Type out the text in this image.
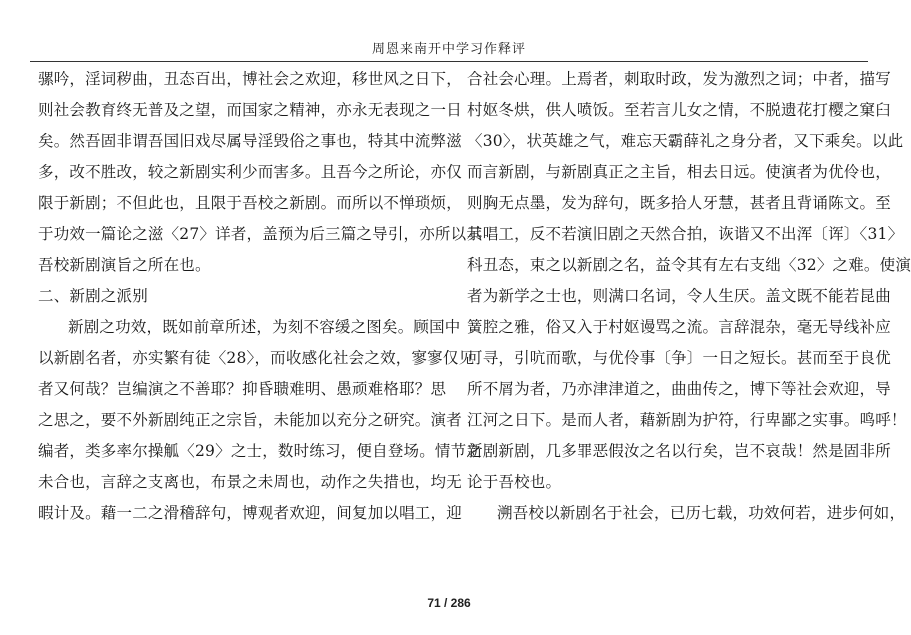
周恩来南开中学习作释评
骡吟，淫词秽曲，丑态百出，博社会之欢迎，移世风之日下，
则社会教育终无普及之望，而国家之精神，亦永无表现之一日
矣。然吾固非谓吾国旧戏尽属导淫毁俗之事也，特其中流弊滋
多，改不胜改，较之新剧实利少而害多。且吾今之所论，亦仅
限于新剧；不但此也，且限于吾校之新剧。而所以不惮琐烦，
于功效一篇论之滋〈27〉详者，盖预为后三篇之导引，亦所以示
吾校新剧演旨之所在也。
二、新剧之派别
新剧之功效，既如前章所述，为刻不容缓之图矣。顾国中
以新剧名者，亦实繁有徒〈28〉，而收感化社会之效，寥寥仅见
者又何哉？岂编演之不善耶？抑昏聩难明、愚顽难格耶？思
之思之，要不外新剧纯正之宗旨，未能加以充分之研究。演者
编者，类多率尔操觚〈29〉之士，数时练习，便自登场。情节之
未合也，言辞之支离也，布景之未周也，动作之失措也，均无
暇计及。藉一二之滑稽辞句，博观者欢迎，间复加以唱工，迎
合社会心理。上焉者，刺取时政，发为激烈之词；中者，描写
村妪冬烘，供人喷饭。至若言儿女之情，不脱遗花打樱之窠臼
〈30〉，状英雄之气，难忘天霸薛礼之身分者，又下乘矣。以此
而言新剧，与新剧真正之主旨，相去日远。使演者为优伶也，
则胸无点墨，发为辞句，既多拾人牙慧，甚者且背诵陈文。至
其唱工，反不若演旧剧之天然合拍，诙谐又不出浑〔诨〕〈31〉
科丑态，束之以新剧之名，益令其有左右支绌〈32〉之难。使演
者为新学之士也，则满口名词，令人生厌。盖文既不能若昆曲
簧腔之雅，俗又入于村妪谩骂之流。言辞混杂，毫无导线补应
可寻，引吭而歌，与优伶事〔争〕一日之短长。甚而至于良优
所不屑为者，乃亦津津道之，曲曲传之，博下等社会欢迎，导
江河之日下。是而人者，藉新剧为护符，行卑鄙之实事。鸣呼！
新剧新剧，几多罪恶假汝之名以行矣，岂不哀哉！然是固非所
论于吾校也。
溯吾校以新剧名于社会，已历七载，功效何若，进步何如，
71 / 286
